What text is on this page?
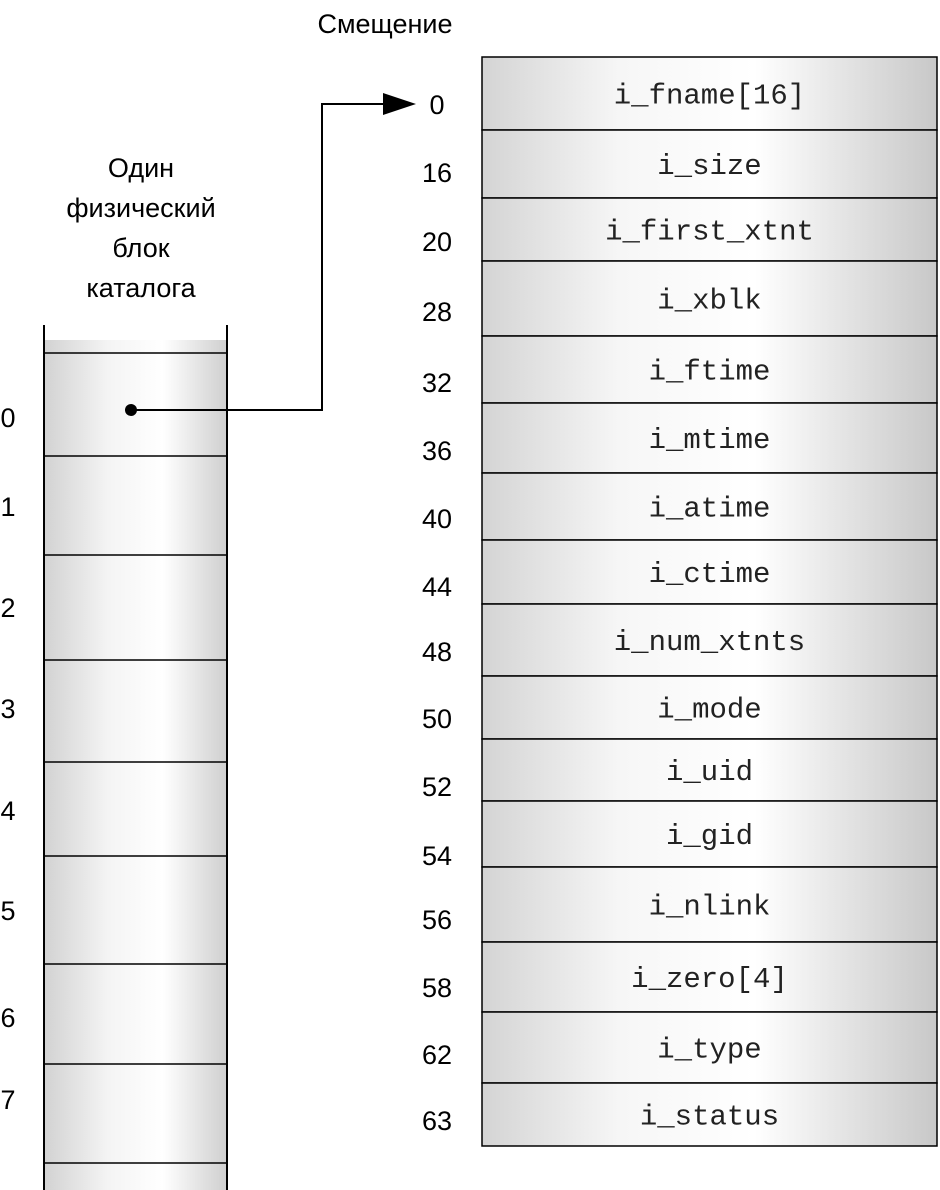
Смещение
Один
физический
блок
каталога
0
1
2
3
4
5
6
7
i_fname[16]
0
i_size
16
i_first_xtnt
20
i_xblk
28
i_ftime
32
i_mtime
36
i_atime
40
i_ctime
44
i_num_xtnts
48
i_mode
50
i_uid
52
i_gid
54
i_nlink
56
i_zero[4]
58
i_type
62
i_status
63
